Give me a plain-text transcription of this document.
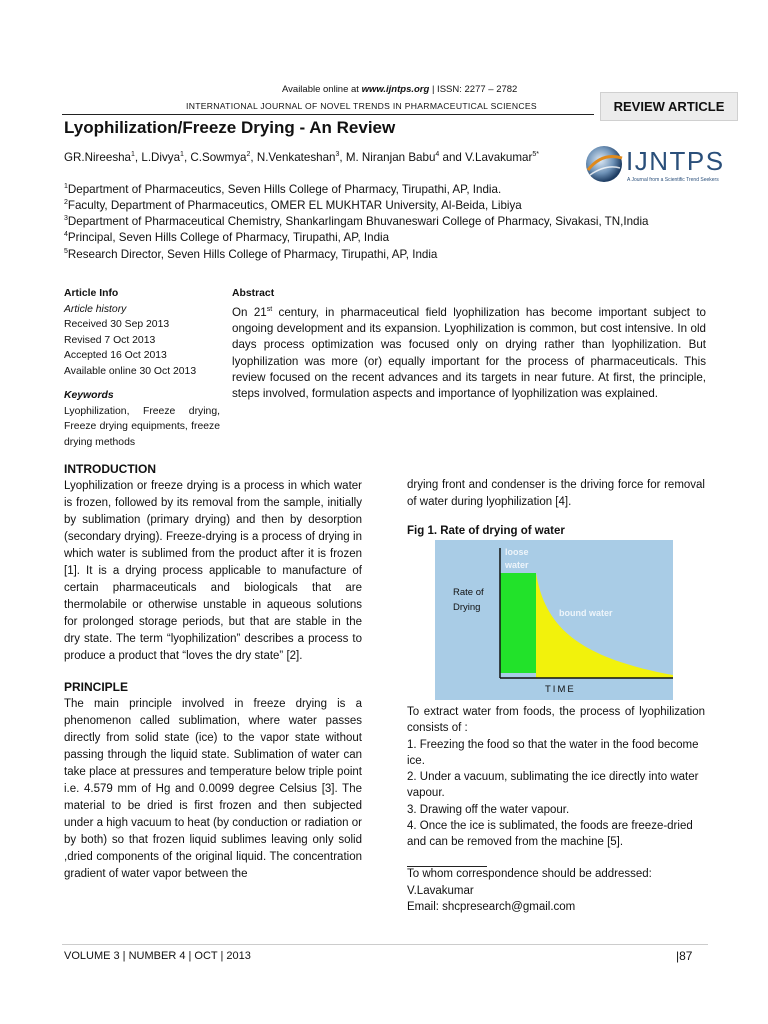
Available online at www.ijntps.org | ISSN: 2277 – 2782
INTERNATIONAL JOURNAL OF NOVEL TRENDS IN PHARMACEUTICAL SCIENCES	REVIEW ARTICLE
Lyophilization/Freeze Drying - An Review
GR.Nireesha$^1$, L.Divya$^1$, C.Sowmya$^2$, N.Venkateshan$^3$, M. Niranjan Babu$^4$ and V.Lavakumar$^{5*}$	IJNTPS
A Journal from a Scientific Trend Seekers
$^1$Department of Pharmaceutics, Seven Hills College of Pharmacy, Tirupathi, AP, India.
$^2$Faculty, Department of Pharmaceutics, OMER EL MUKHTAR University, Al-Beida, Libiya
$^3$Department of Pharmaceutical Chemistry, Shankarlingam Bhuvaneswari College of Pharmacy, Sivakasi, TN,India
$^4$Principal, Seven Hills College of Pharmacy, Tirupathi, AP, India
$^5$Research Director, Seven Hills College of Pharmacy, Tirupathi, AP, India
Article Info
Article history
Received 30 Sep 2013
Revised 7 Oct 2013
Accepted 16 Oct 2013
Available online 30 Oct 2013
Keywords
Lyophilization, Freeze drying, Freeze drying equipments, freeze drying methods
Abstract

On 21st century, in pharmaceutical field lyophilization has become important subject to ongoing development and its expansion. Lyophilization is common, but cost intensive. In old days process optimization was focused only on drying rather than lyophilization. But lyophilization was more (or) equally important for the process of pharmaceuticals. This review focused on the recent advances and its targets in near future. At first, the principle, steps involved, formulation aspects and importance of lyophilization was explained.

INTRODUCTION

Lyophilization or freeze drying is a process in which water is frozen, followed by its removal from the sample, initially by sublimation (primary drying) and then by desorption (secondary drying). Freeze-drying is a process of drying in which water is sublimed from the product after it is frozen [1]. It is a drying process applicable to manufacture of certain pharmaceuticals and biologicals that are thermolabile or otherwise unstable in aqueous solutions for prolonged storage periods, but that are stable in the dry state. The term “lyophilization” describes a process to produce a product that “loves the dry state” [2].

PRINCIPLE

The main principle involved in freeze drying is a phenomenon called sublimation, where water passes directly from solid state (ice) to the vapor state without passing through the liquid state. Sublimation of water can take place at pressures and temperature below triple point i.e. 4.579 mm of Hg and 0.0099 degree Celsius [3]. The material to be dried is first frozen and then subjected under a high vacuum to heat (by conduction or radiation or by both) so that frozen liquid sublimes leaving only solid ,dried components of the original liquid. The concentration gradient of water vapor between the

drying front and condenser is the driving force for removal of water during lyophilization [4].
Fig 1. Rate of drying of water
Rate of
Drying
loose
water
bound water
TIME

To extract water from foods, the process of lyophilization consists of :

1. Freezing the food so that the water in the food become ice.
2. Under a vacuum, sublimating the ice directly into water vapour.
3. Drawing off the water vapour.
4. Once the ice is sublimated, the foods are freeze-dried and can be removed from the machine [5].
To whom correspondence should be addressed:
V.Lavakumar
Email: shcpresearch@gmail.com
VOLUME 3 | NUMBER 4 | OCT | 2013	|87
